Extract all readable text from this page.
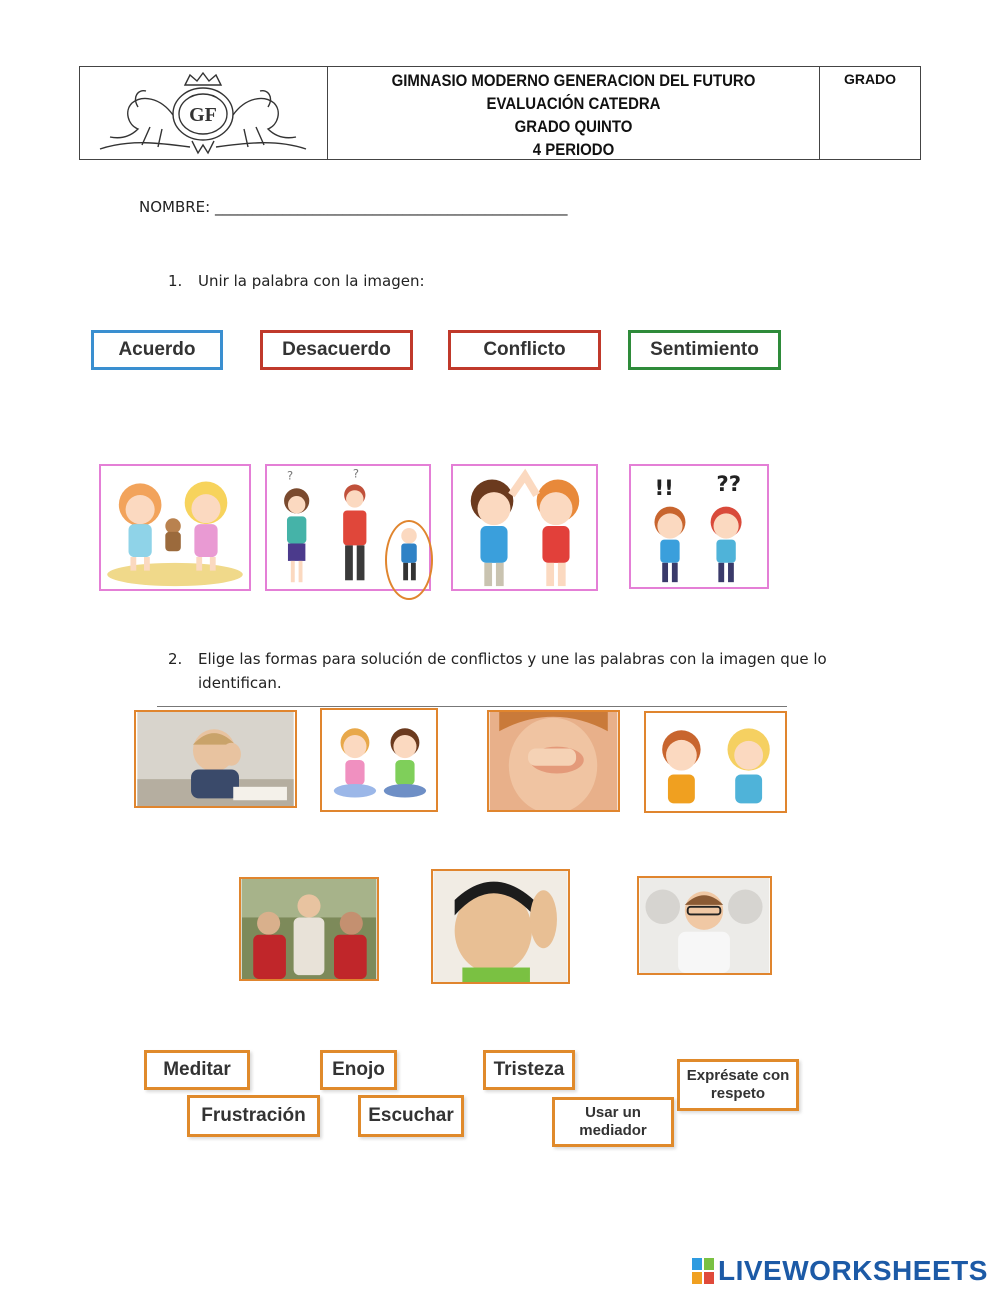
GF
GIMNASIO MODERNO GENERACION DEL FUTURO
EVALUACIÓN CATEDRA
GRADO QUINTO
4 PERIODO
GRADO
NOMBRE: _______________________________________________
1. Unir la palabra con la imagen:
Acuerdo	Desacuerdo	Conflicto	Sentimiento
?	?
!! ??
2. Elige las formas para solución de conflictos y une las palabras con la imagen que lo
identifican.
Meditar	Enojo	Tristeza	Exprésate con respeto
Frustración	Escuchar	Usar un mediador
LIVEWORKSHEETS
